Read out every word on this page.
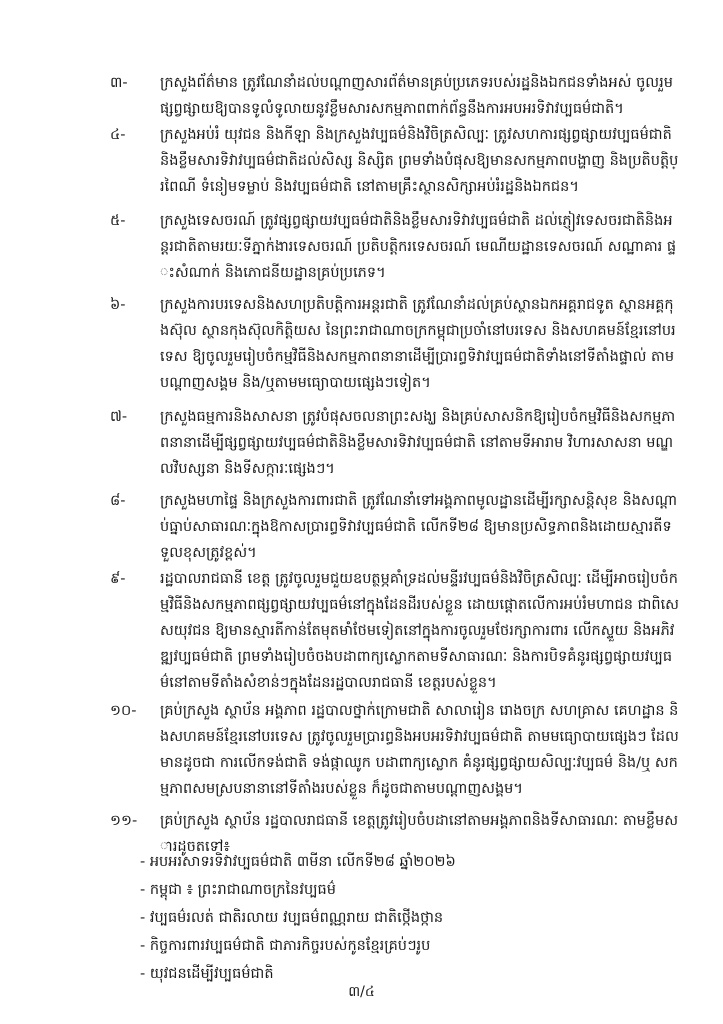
៣-	ក្រសួងព័ត៌មាន ត្រូវណែនាំដល់បណ្តាញសារព័ត៌មានគ្រប់ប្រភេទរបស់រដ្ឋនិងឯកជនទាំងអស់ ចូលរួមផ្សព្វផ្សាយឱ្យបានទូលំទូលាយនូវខ្លឹមសារសកម្មភាពពាក់ព័ន្ធនឹងការអបអរទិវាវប្បធម៌ជាតិ។
៤-	ក្រសួងអប់រំ យុវជន និងកីឡា និងក្រសួងវប្បធម៌និងវិចិត្រសិល្បៈ ត្រូវសហការផ្សព្វផ្សាយវប្បធម៌ជាតិនិងខ្លឹមសារទិវាវប្បធម៌ជាតិដល់សិស្ស និស្សិត ព្រមទាំងបំផុសឱ្យមានសកម្មភាពបង្ហាញ និងប្រតិបត្តិប្រពៃណី ទំនៀមទម្លាប់ និងវប្បធម៌ជាតិ នៅតាមគ្រឹះស្ថានសិក្សាអប់រំរដ្ឋនិងឯកជន។
៥-	ក្រសួងទេសចរណ៍ ត្រូវផ្សព្វផ្សាយវប្បធម៌ជាតិនិងខ្លឹមសារទិវាវប្បធម៌ជាតិ ដល់ភ្ញៀវទេសចរជាតិនិងអន្តរជាតិតាមរយៈទីភ្នាក់ងារទេសចរណ៍ ប្រតិបត្តិករទេសចរណ៍ មេណីយដ្ឋានទេសចរណ៍ សណ្ឋាគារ ផ្ទះសំណាក់ និងភោជនីយដ្ឋានគ្រប់ប្រភេទ។
៦-	ក្រសួងការបរទេសនិងសហប្រតិបត្តិការអន្តរជាតិ ត្រូវណែនាំដល់គ្រប់ស្ថានឯកអគ្គរាជទូត ស្ថានអគ្គកុងស៊ុល ស្ថានកុងស៊ុលកិត្តិយស នៃព្រះរាជាណាចក្រកម្ពុជាប្រចាំនៅបរទេស និងសហគមន៍ខ្មែរនៅបរទេស ឱ្យចូលរួមរៀបចំកម្មវិធីនិងសកម្មភាពនានាដើម្បីប្រារព្ធទិវាវប្បធម៌ជាតិទាំងនៅទីតាំងផ្ទាល់ តាមបណ្តាញសង្គម និង/ឬតាមមធ្យោបាយផ្សេងៗទៀត។
៧-	ក្រសួងធម្មការនិងសាសនា ត្រូវបំផុសចលនាព្រះសង្ឃ និងគ្រប់សាសនិកឱ្យរៀបចំកម្មវិធីនិងសកម្មភាពនានាដើម្បីផ្សព្វផ្សាយវប្បធម៌ជាតិនិងខ្លឹមសារទិវាវប្បធម៌ជាតិ នៅតាមទីអារាម វិហារសាសនា មណ្ឌលវិបស្សនា និងទីសក្ការៈផ្សេងៗ។
៨-	ក្រសួងមហាផ្ទៃ និងក្រសួងការពារជាតិ ត្រូវណែនាំទៅអង្គភាពមូលដ្ឋានដើម្បីរក្សាសន្តិសុខ និងសណ្តាប់ធ្នាប់សាធារណៈក្នុងឱកាសប្រារព្ធទិវាវប្បធម៌ជាតិ លើកទី២៨ ឱ្យមានប្រសិទ្ធភាពនិងដោយស្មារតីទទួលខុសត្រូវខ្ពស់។
៩-	រដ្ឋបាលរាជធានី ខេត្ត ត្រូវចូលរួមជួយឧបត្ថម្ភគាំទ្រដល់មន្ទីរវប្បធម៌និងវិចិត្រសិល្បៈ ដើម្បីអាចរៀបចំកម្មវិធីនិងសកម្មភាពផ្សព្វផ្សាយវប្បធម៌នៅក្នុងដែនដីរបស់ខ្លួន ដោយផ្តោតលើការអប់រំមហាជន ជាពិសេសយុវជន ឱ្យមានស្មារតីកាន់តែមុតមាំថែមទៀតនៅក្នុងការចូលរួមថែរក្សាការពារ លើកស្ទួយ និងអភិវឌ្ឍវប្បធម៌ជាតិ ព្រមទាំងរៀបចំចងបដាពាក្យស្លោកតាមទីសាធារណៈ និងការបិទគំនូរផ្សព្វផ្សាយវប្បធម៌នៅតាមទីតាំងសំខាន់ៗក្នុងដែនរដ្ឋបាលរាជធានី ខេត្តរបស់ខ្លួន។
១០-	គ្រប់ក្រសួង ស្ថាប័ន អង្គភាព រដ្ឋបាលថ្នាក់ក្រោមជាតិ សាលារៀន រោងចក្រ សហគ្រាស គេហដ្ឋាន និងសហគមន៍ខ្មែរនៅបរទេស ត្រូវចូលរួមប្រារព្ធនិងអបអរទិវាវប្បធម៌ជាតិ តាមមធ្យោបាយផ្សេងៗ ដែលមានដូចជា ការលើកទង់ជាតិ ទង់ផ្កាឈូក បដាពាក្យស្លោក គំនូរផ្សព្វផ្សាយសិល្បៈវប្បធម៌ និង/ឬ សកម្មភាពសមស្របនានានៅទីតាំងរបស់ខ្លួន ក៏ដូចជាតាមបណ្តាញសង្គម។
១១-	គ្រប់ក្រសួង ស្ថាប័ន រដ្ឋបាលរាជធានី ខេត្តត្រូវរៀបចំបដានៅតាមអង្គភាពនិងទីសាធារណៈ តាមខ្លឹមសារដូចតទៅ៖
- អបអរសាទរទិវាវប្បធម៌ជាតិ ៣មីនា លើកទី២៨ ឆ្នាំ២០២៦
- កម្ពុជា ៖ ព្រះរាជាណាចក្រនៃវប្បធម៌
- វប្បធម៌រលត់ ជាតិរលាយ វប្បធម៌ពណ្ណរាយ ជាតិថ្កើងថ្កាន
- កិច្ចការពារវប្បធម៌ជាតិ ជាភារកិច្ចរបស់កូនខ្មែរគ្រប់ៗរូប
- យុវជនដើម្បីវប្បធម៌ជាតិ
៣/៤
